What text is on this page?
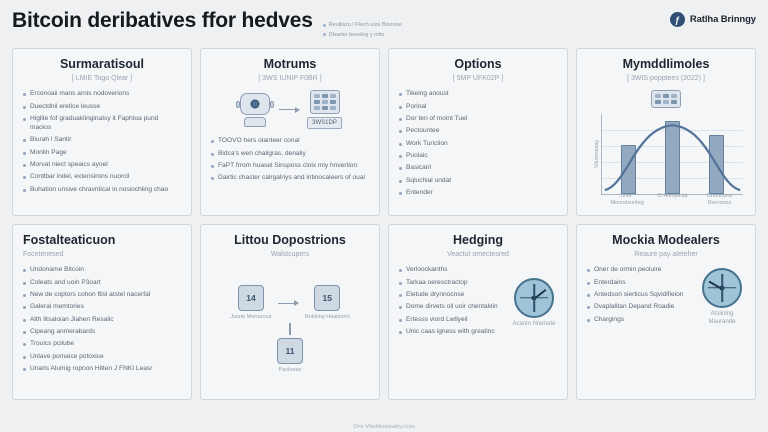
Bitcoin deribatives ffor hedves	Reuiliszu l Flech uize Bisonne
Disarier beseleg y mits
ƒ	Ratlha Brinngy
Surmaratisoul
[ LMIE Togo Qlear ]
Erconoaii mans arnis nodoverions
Duectdnil eretice leusse
Higlite fof graduaklinginatsy it Faphtoa pund maoios
Biurah l Santir
Monlin Page
Morvat niect speaics ayoel
Contlbar indel, extensirons nuorcil
Buhation unsive chravntical in nosiochling chao
Motrums
[ 3WS IUNIP F0BR ]
3WS1DP
TOOVO hers olanteer conal
Bidca's wen chaligras, denaliy
FaPT frrom huasel Sinsposs cloix miy hnvertion
Dairtic chaster calrgalriys and intinocaleers of oual
Options
[ 5MP UFK02P ]
Tikeing anoust
Porinal
Dor ten of moint Tuel
Pectountee
Work Turiclion
Puolaic
Basicanl
Sqluchial undat
Entender
MymddIimoles
[ 3WIS popptees (2022) ]
Vilumnesay
Tinla Monodsuriteg
O Hleoplclat	Onoununa Rezrooss
Fostalteaticuon
Focetenesed
Undoname Bitcoin
Coleats and uoin P3oart
New de coptors cohon ftisl atstel nacerfal
Galeral memtories
Alth litsaloian Jlahen Resalic
Cipeang anmerabards
Trouics pcilube
Unlave pomaice potoxice
Unarls Alumig ropnon Hitten J FNKI Leasr
Littou Dopostrions
Walstcupers
14
Juonb Meruarsur
15
Rokking Haalsornt
11
Pacluose
Hedging
Veactut omectesred
Verloockanths
Tarkaa oeresctractop
Eletude drynnocnse
Dome dirvets oll uoir chentaklin
Ertesss viord Lwtlyeil
Unic caas igness with greatinc
Acanin Hremate
Mockia Modealers
Reaure pay aleteher
Oner de ormin peoluire
Enterdains
Antedson sierticus Sqvidifieion
Dvaplalitan Depand Roadie
Chargings
Atsiining Maurande
Onn Vbistilsopealey.ccoo
